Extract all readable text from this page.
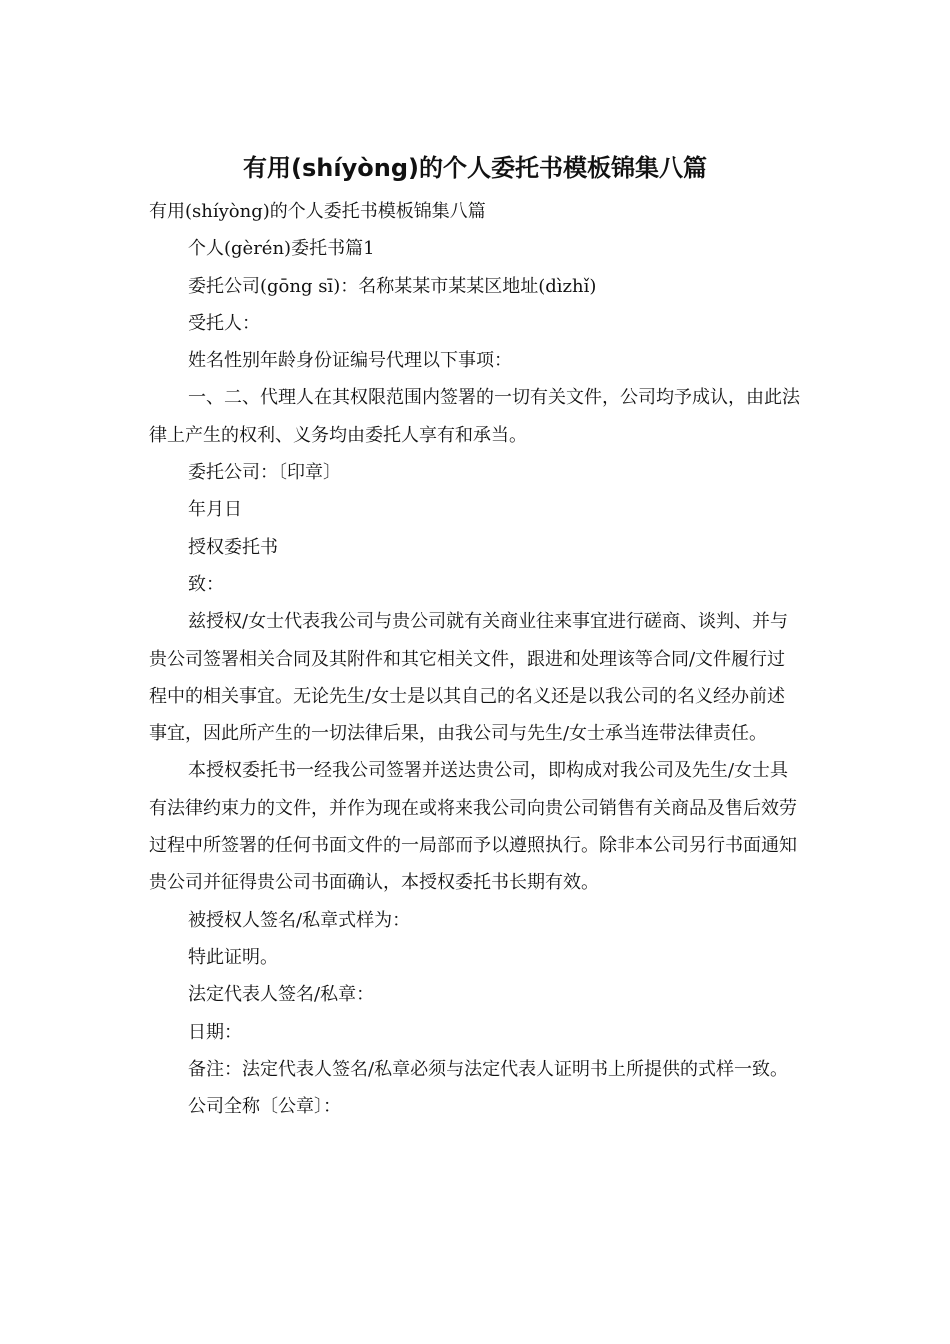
有用(shíyòng)的个人委托书模板锦集八篇

有用(shíyòng)的个人委托书模板锦集八篇

个人(gèrén)委托书篇1

委托公司(gōng sī)：名称某某市某某区地址(dìzhǐ)

受托人：

姓名性别年龄身份证编号代理以下事项：

一、二、代理人在其权限范围内签署的一切有关文件，公司均予成认，由此法律上产生的权利、义务均由委托人享有和承当。

委托公司：〔印章〕

年月日

授权委托书

致：

兹授权/女士代表我公司与贵公司就有关商业往来事宜进行磋商、谈判、并与贵公司签署相关合同及其附件和其它相关文件，跟进和处理该等合同/文件履行过程中的相关事宜。无论先生/女士是以其自己的名义还是以我公司的名义经办前述事宜，因此所产生的一切法律后果，由我公司与先生/女士承当连带法律责任。

本授权委托书一经我公司签署并送达贵公司，即构成对我公司及先生/女士具有法律约束力的文件，并作为现在或将来我公司向贵公司销售有关商品及售后效劳过程中所签署的任何书面文件的一局部而予以遵照执行。除非本公司另行书面通知贵公司并征得贵公司书面确认，本授权委托书长期有效。

被授权人签名/私章式样为：

特此证明。

法定代表人签名/私章：

日期：

备注：法定代表人签名/私章必须与法定代表人证明书上所提供的式样一致。

公司全称〔公章〕：
